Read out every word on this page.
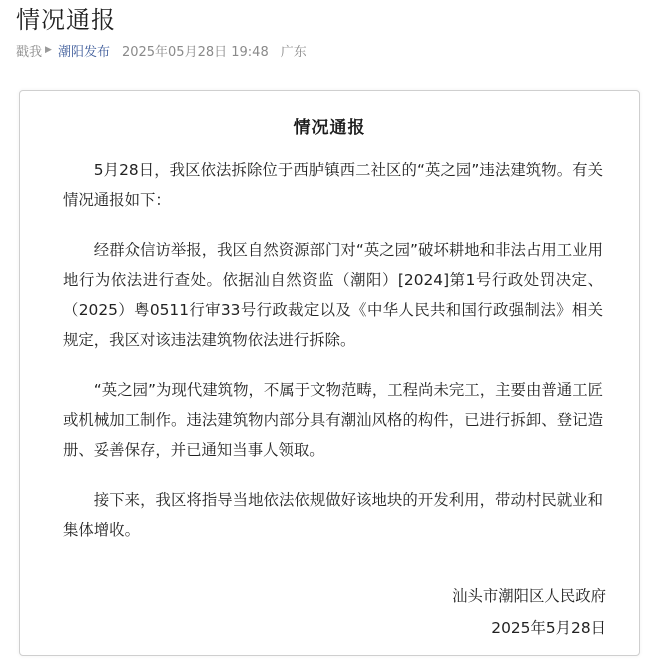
情况通报
戳我 ▶ 潮阳发布 2025年05月28日 19:48 广东
情况通报

5月28日，我区依法拆除位于西胪镇西二社区的“英之园”违法建筑物。有关情况通报如下：

经群众信访举报，我区自然资源部门对“英之园”破坏耕地和非法占用工业用地行为依法进行查处。依据汕自然资监（潮阳）[2024]第1号行政处罚决定、（2025）粤0511行审33号行政裁定以及《中华人民共和国行政强制法》相关规定，我区对该违法建筑物依法进行拆除。

“英之园”为现代建筑物，不属于文物范畴，工程尚未完工，主要由普通工匠或机械加工制作。违法建筑物内部分具有潮汕风格的构件，已进行拆卸、登记造册、妥善保存，并已通知当事人领取。

接下来，我区将指导当地依法依规做好该地块的开发利用，带动村民就业和集体增收。

汕头市潮阳区人民政府
2025年5月28日
